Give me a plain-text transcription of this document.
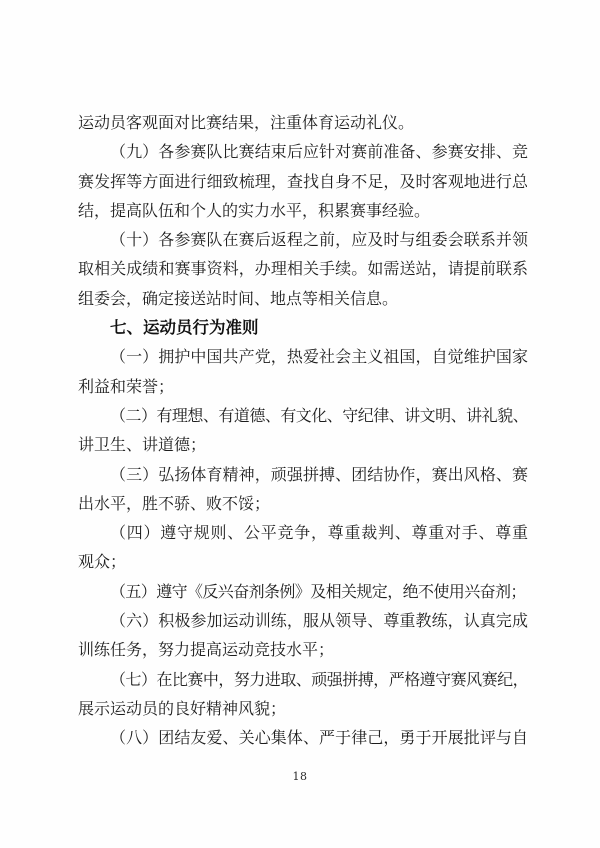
运动员客观面对比赛结果，注重体育运动礼仪。
（九）各参赛队比赛结束后应针对赛前准备、参赛安排、竞
赛发挥等方面进行细致梳理，查找自身不足，及时客观地进行总
结，提高队伍和个人的实力水平，积累赛事经验。
（十）各参赛队在赛后返程之前，应及时与组委会联系并领
取相关成绩和赛事资料，办理相关手续。如需送站，请提前联系
组委会，确定接送站时间、地点等相关信息。
七、运动员行为准则
（一）拥护中国共产党，热爱社会主义祖国，自觉维护国家
利益和荣誉；
（二）有理想、有道德、有文化、守纪律、讲文明、讲礼貌、
讲卫生、讲道德；
（三）弘扬体育精神，顽强拼搏、团结协作，赛出风格、赛
出水平，胜不骄、败不馁；
（四）遵守规则、公平竞争，尊重裁判、尊重对手、尊重
观众；
（五）遵守《反兴奋剂条例》及相关规定，绝不使用兴奋剂；
（六）积极参加运动训练，服从领导、尊重教练，认真完成
训练任务，努力提高运动竞技水平；
（七）在比赛中，努力进取、顽强拼搏，严格遵守赛风赛纪，
展示运动员的良好精神风貌；
（八）团结友爱、关心集体、严于律己，勇于开展批评与自
18
